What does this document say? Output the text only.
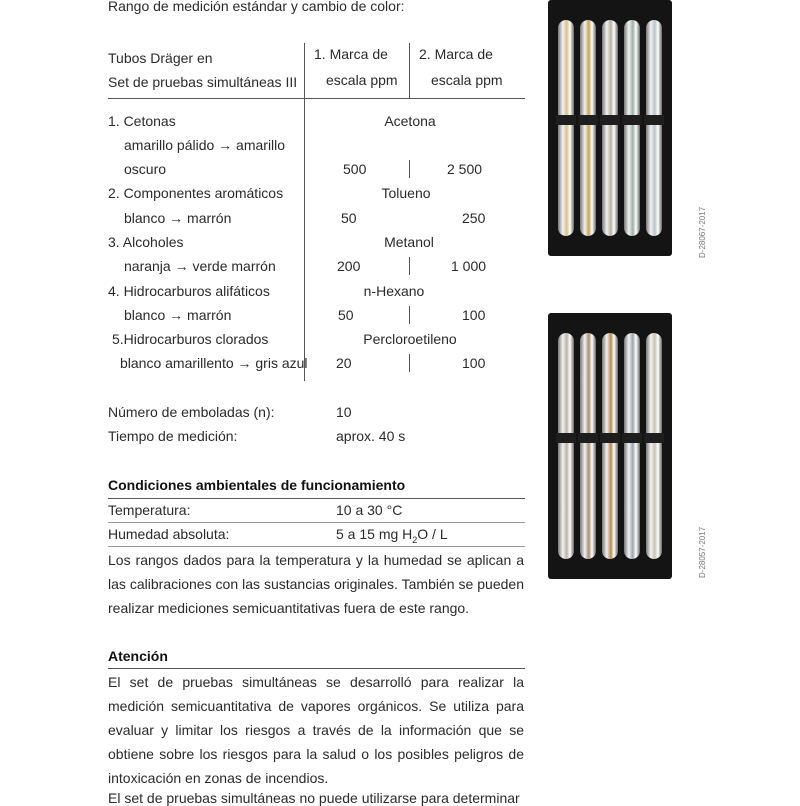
Rango de medición estándar y cambio de color:
Tubos Dräger en
Set de pruebas simultáneas III
1. Marca de
escala ppm
2. Marca de
escala ppm
1. Cetonas
amarillo pálido → amarillo
oscuro
Acetona
500	2 500
2. Componentes aromáticos
blanco → marrón
Tolueno
50	250
3. Alcoholes
naranja → verde marrón
Metanol
200	1 000
4. Hidrocarburos alifáticos
blanco → marrón
n-Hexano
50	100
5.Hidrocarburos clorados
blanco amarillento → gris azul
Percloroetileno
20	100
Número de emboladas (n):	10
Tiempo de medición:	aprox. 40 s
Condiciones ambientales de funcionamiento
Temperatura:	10 a 30 °C
Humedad absoluta:	5 a 15 mg $H_2O$ / L
Los rangos dados para la temperatura y la humedad se aplican a las calibraciones con las sustancias originales. También se pueden realizar mediciones semicuantitativas fuera de este rango.
Atención
El set de pruebas simultáneas se desarrolló para realizar la medición semicuantitativa de vapores orgánicos. Se utiliza para evaluar y limitar los riesgos a través de la información que se obtiene sobre los riesgos para la salud o los posibles peligros de intoxicación en zonas de incendios.
El set de pruebas simultáneas no puede utilizarse para determinar
D-28067-2017
D-28057-2017
